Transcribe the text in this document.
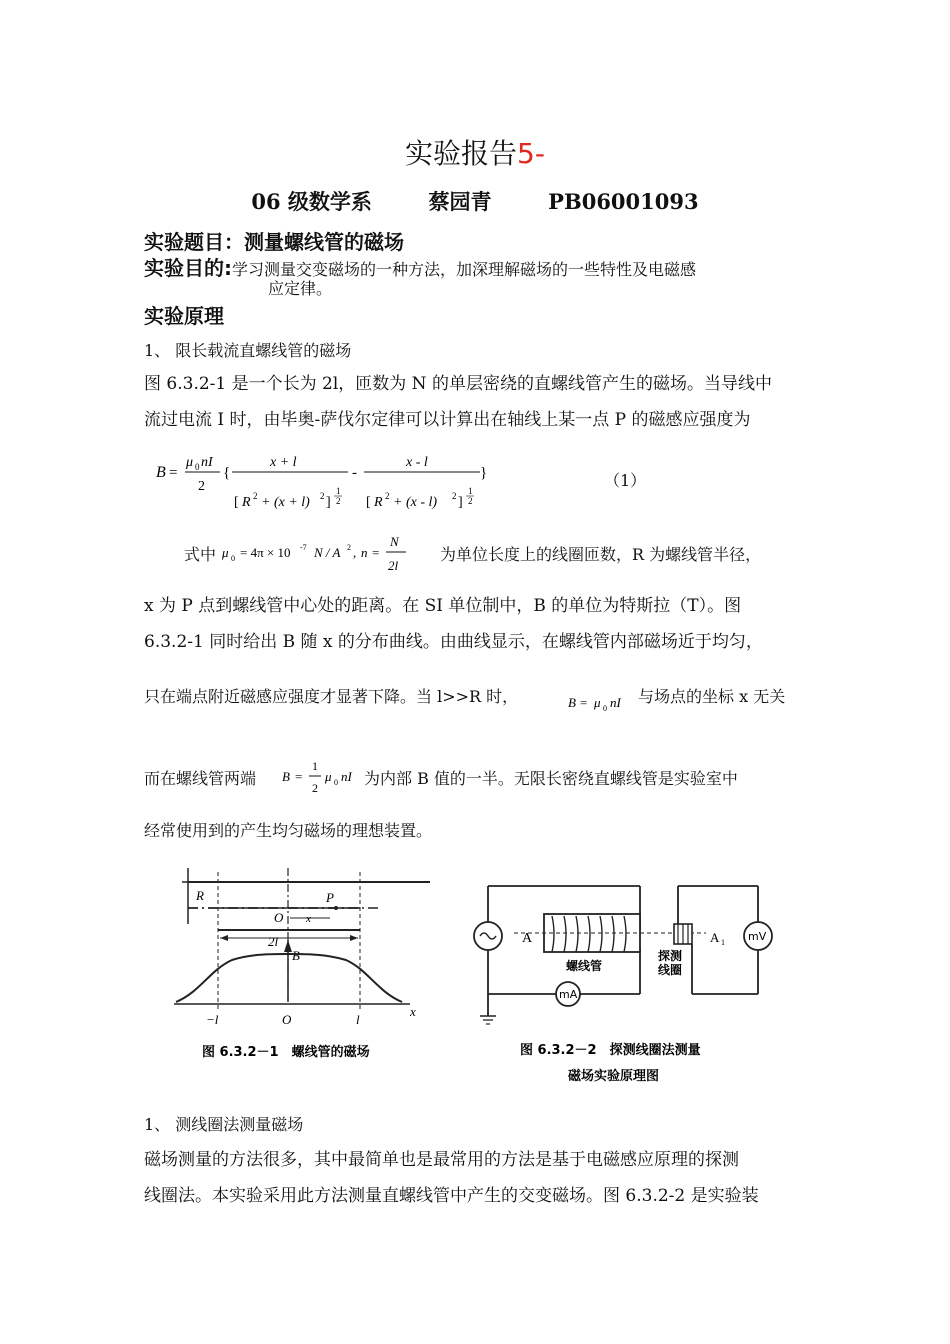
实验报告5-
06 级数学系	蔡园青	PB06001093
实验题目：测量螺线管的磁场
实验目的:学习测量交变磁场的一种方法，加深理解磁场的一些特性及电磁感
应定律。
实验原理
1、 限长载流直螺线管的磁场
图 6.3.2-1 是一个长为 2l，匝数为 N 的单层密绕的直螺线管产生的磁场。当导线中
流过电流 I 时，由毕奥-萨伐尔定律可以计算出在轴线上某一点 P 的磁感应强度为
B =
μ 0 nI
2
{
x + l
[ R 2 + (x + l) 2 ]
1
2
-
x - l
[ R 2 + (x - l) 2 ]
1
2
}	（1）
式中 μ 0 = 4π × 10 -7 N / A 2 , n =
N
2l
为单位长度上的线圈匝数，R 为螺线管半径，
x 为 P 点到螺线管中心处的距离。在 SI 单位制中，B 的单位为特斯拉（T）。图
6.3.2-1 同时给出 B 随 x 的分布曲线。由曲线显示，在螺线管内部磁场近于均匀，
只在端点附近磁感应强度才显著下降。当 l>>R 时，	B = μ 0 nI 与场点的坐标 x 无关
而在螺线管两端 B =
1
2
μ 0 nI 为内部 B 值的一半。无限长密绕直螺线管是实验室中
经常使用到的产生均匀磁场的理想装置。
R	P
O x
2l
B
x
−l	O	l
图 6.3.2－1　螺线管的磁场
mA
A
螺线管
A 1
探测
线圈
mV
图 6.3.2－2　探测线圈法测量
磁场实验原理图
1、 测线圈法测量磁场
磁场测量的方法很多，其中最简单也是最常用的方法是基于电磁感应原理的探测
线圈法。本实验采用此方法测量直螺线管中产生的交变磁场。图 6.3.2-2 是实验装
